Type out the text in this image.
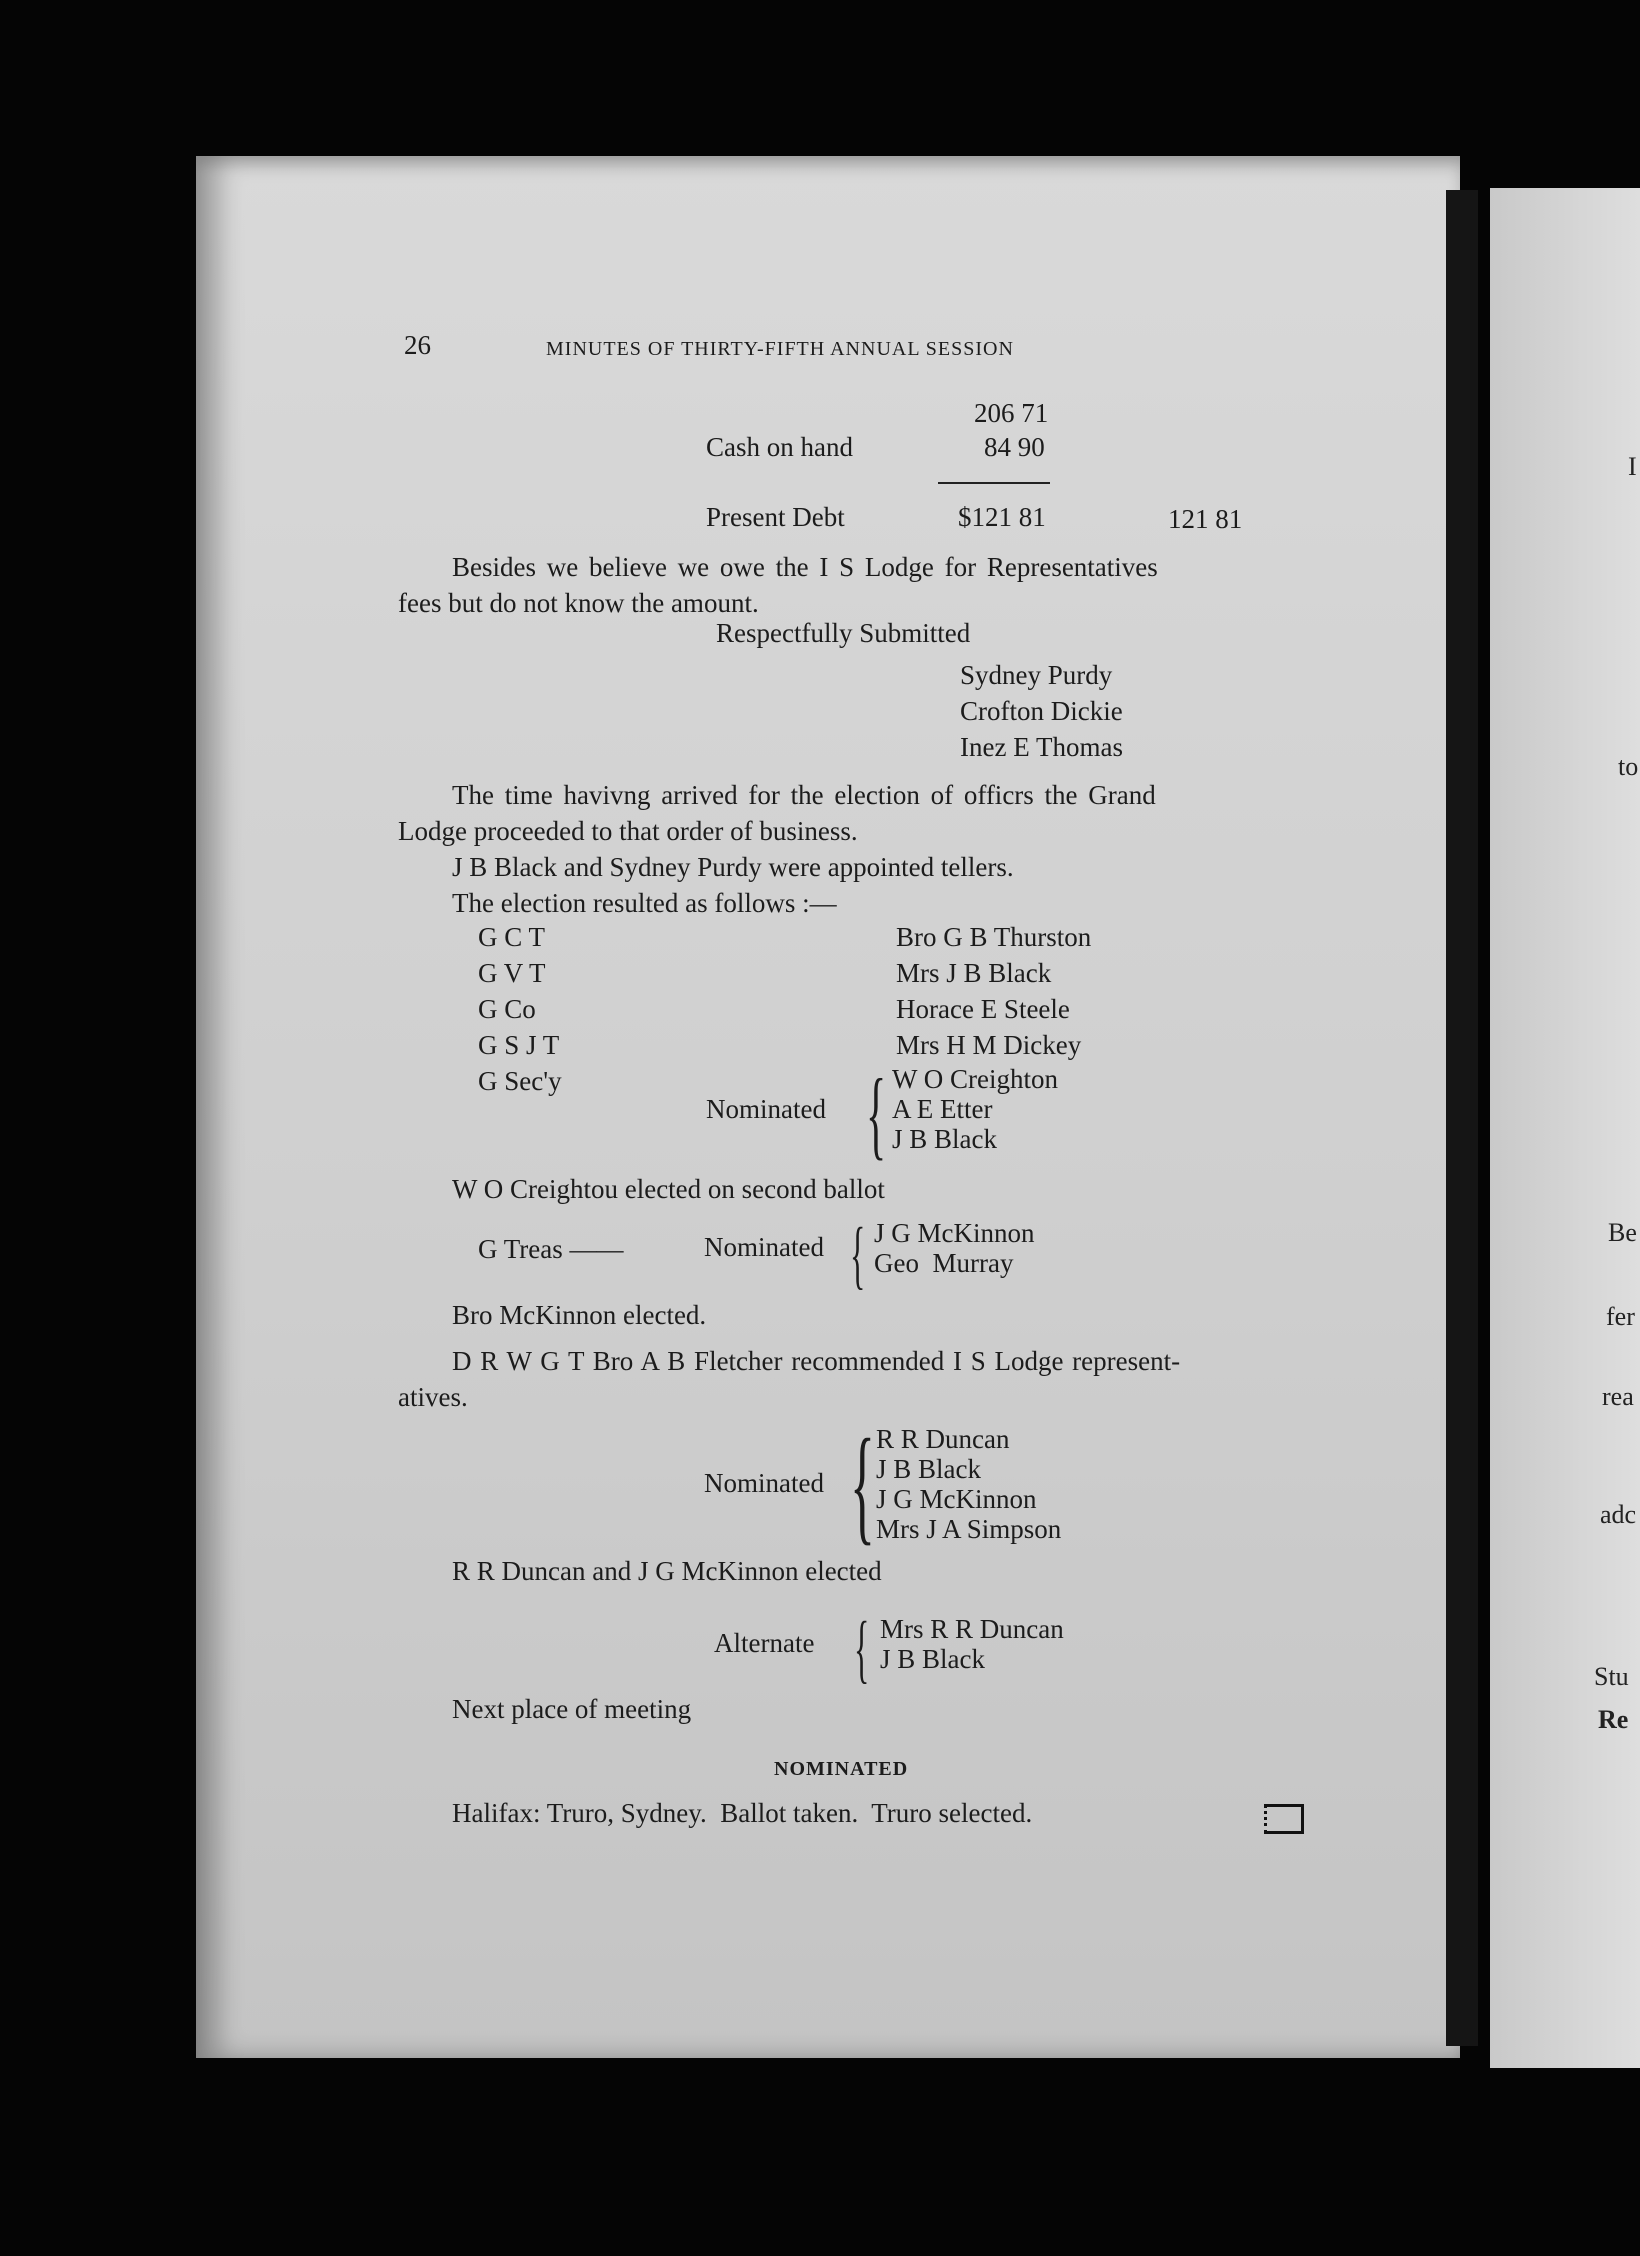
I
to
Be
fer
rea
adc
Stu
Re
26	MINUTES OF THIRTY-FIFTH ANNUAL SESSION
206 71
Cash on hand	84 90
Present Debt	$121 81	121 81
Besides we believe we owe the I S Lodge for Representatives
fees but do not know the amount.
Respectfully Submitted
Sydney Purdy
Crofton Dickie
Inez E Thomas
The time havivng arrived for the election of officrs the Grand
Lodge proceeded to that order of business.
J B Black and Sydney Purdy were appointed tellers.
The election resulted as follows :—
G C T	Bro G B Thurston
G V T	Mrs J B Black
G Co	Horace E Steele
G S J T	Mrs H M Dickey
G Sec'y
Nominated { W O Creighton
A E Etter
J B Black
W O Creightou elected on second ballot
G Treas ——	Nominated { J G McKinnon
Geo  Murray
Bro McKinnon elected.
D R W G T Bro A B Fletcher recommended I S Lodge represent-
atives.
Nominated { R R Duncan
J B Black
J G McKinnon
Mrs J A Simpson
R R Duncan and J G McKinnon elected
Alternate { Mrs R R Duncan
J B Black
Next place of meeting
NOMINATED
Halifax: Truro, Sydney.  Ballot taken.  Truro selected.
